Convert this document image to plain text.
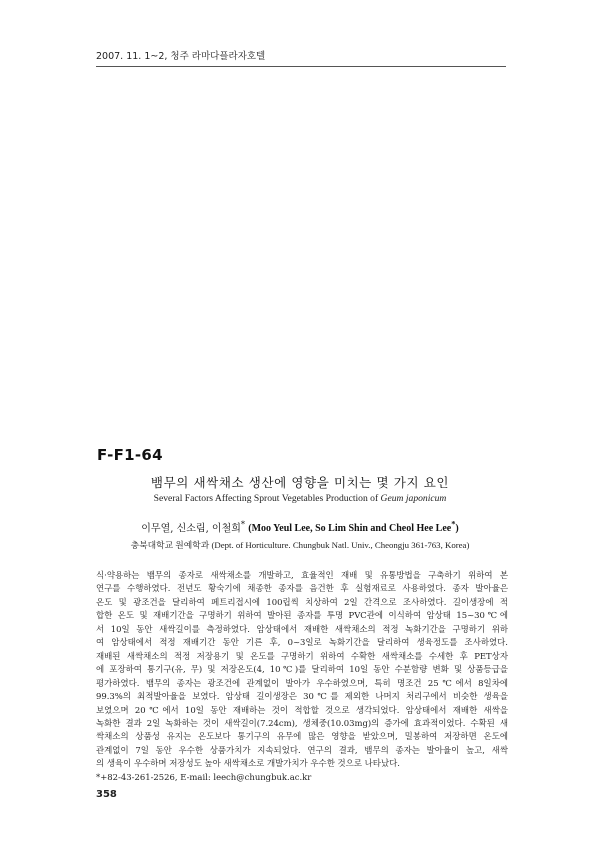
2007. 11. 1~2, 청주 라마다플라자호텔
F-F1-64
뱀무의 새싹채소 생산에 영향을 미치는 몇 가지 요인
Several Factors Affecting Sprout Vegetables Production of Geum japonicum
이무열, 신소림, 이철희* (Moo Yeul Lee, So Lim Shin and Cheol Hee Lee*)
충북대학교 원예학과 (Dept. of Horticulture. Chungbuk Natl. Univ., Cheongju 361-763, Korea)
식·약용하는 뱀무의 종자로 새싹채소를 개발하고, 효율적인 재배 및 유통방법을 구축하기 위하여 본
연구를 수행하였다. 전년도 황숙기에 채종한 종자를 음건한 후 실험재료로 사용하였다. 종자 발아율은
온도 및 광조건을 달리하여 페트리접시에 100립씩 치상하여 2일 간격으로 조사하였다. 길이생장에 적
합한 온도 및 재배기간을 구명하기 위하여 발아된 종자를 투명 PVC관에 이식하여 암상태 15~30℃에
서 10일 동안 새싹길이를 측정하였다. 암상태에서 재배한 새싹채소의 적정 녹화기간을 구명하기 위하
여 암상태에서 적정 재배기간 동안 기른 후, 0~3일로 녹화기간을 달리하여 생육정도를 조사하였다.
재배된 새싹채소의 적정 저장용기 및 온도를 구명하기 위하여 수확한 새싹채소를 수세한 후 PET상자
에 포장하여 통기구(유, 무) 및 저장온도(4, 10℃)를 달리하여 10일 동안 수분함량 변화 및 상품등급을
평가하였다. 뱀무의 종자는 광조건에 관계없이 발아가 우수하였으며, 특히 명조건 25℃에서 8일차에
99.3%의 최적발아율을 보였다. 암상태 길이생장은 30℃를 제외한 나머지 처리구에서 비슷한 생육을
보였으며 20℃에서 10일 동안 재배하는 것이 적합할 것으로 생각되었다. 암상태에서 재배한 새싹을
녹화한 결과 2일 녹화하는 것이 새싹길이(7.24cm), 생체중(10.03mg)의 증가에 효과적이었다. 수확된 새
싹채소의 상품성 유지는 온도보다 통기구의 유무에 많은 영향을 받았으며, 밀봉하여 저장하면 온도에
관계없이 7일 동안 우수한 상품가치가 지속되었다. 연구의 결과, 뱀무의 종자는 발아율이 높고, 새싹
의 생육이 우수하며 저장성도 높아 새싹채소로 개발가치가 우수한 것으로 나타났다.
*+82-43-261-2526, E-mail: leech@chungbuk.ac.kr
358
